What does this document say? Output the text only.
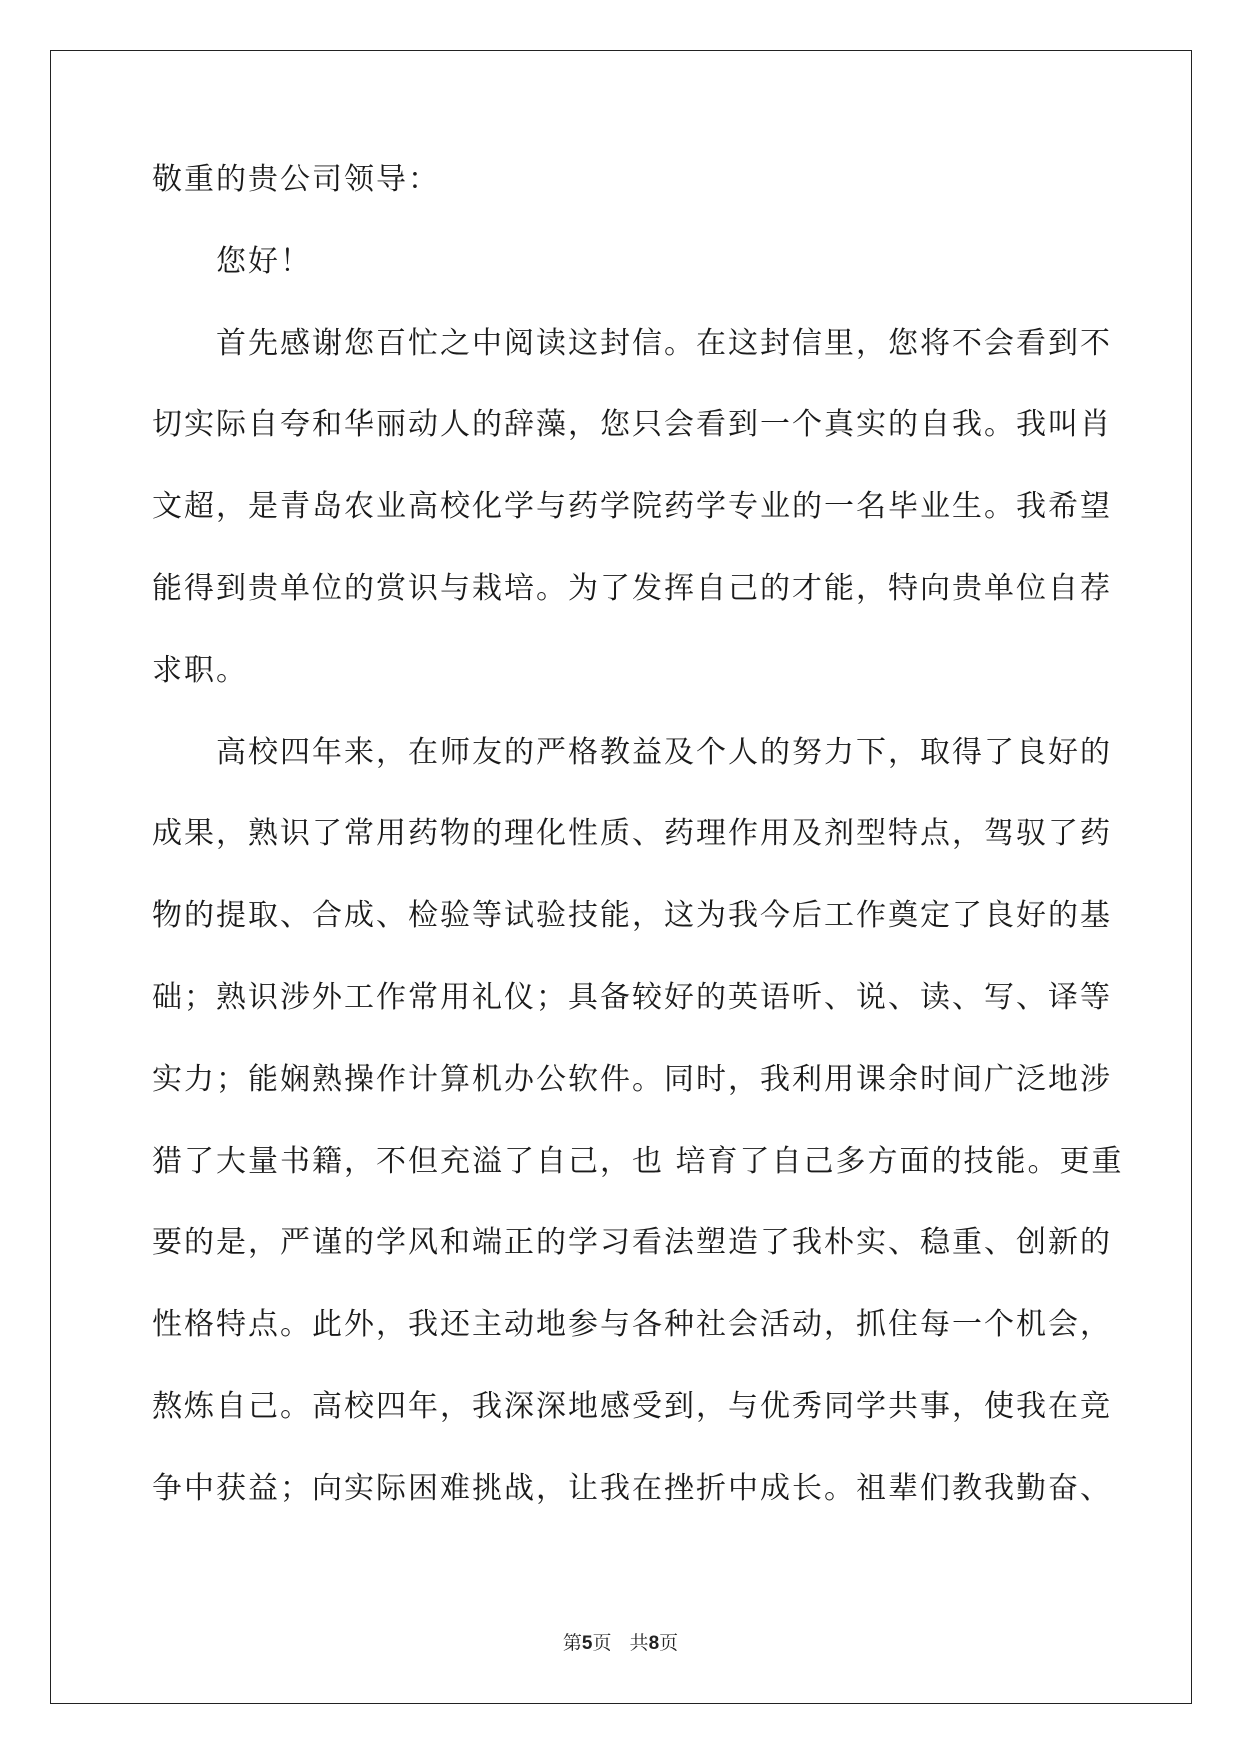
敬重的贵公司领导：
您好！
首先感谢您百忙之中阅读这封信。在这封信里，您将不会看到不
切实际自夸和华丽动人的辞藻，您只会看到一个真实的自我。我叫肖
文超，是青岛农业高校化学与药学院药学专业的一名毕业生。我希望
能得到贵单位的赏识与栽培。为了发挥自己的才能，特向贵单位自荐
求职。
高校四年来，在师友的严格教益及个人的努力下，取得了良好的
成果，熟识了常用药物的理化性质、药理作用及剂型特点，驾驭了药
物的提取、合成、检验等试验技能，这为我今后工作奠定了良好的基
础；熟识涉外工作常用礼仪；具备较好的英语听、说、读、写、译等
实力；能娴熟操作计算机办公软件。同时，我利用课余时间广泛地涉
猎了大量书籍，不但充溢了自己，也 培育了自己多方面的技能。更重
要的是，严谨的学风和端正的学习看法塑造了我朴实、稳重、创新的
性格特点。此外，我还主动地参与各种社会活动，抓住每一个机会，
熬炼自己。高校四年，我深深地感受到，与优秀同学共事，使我在竞
争中获益；向实际困难挑战，让我在挫折中成长。祖辈们教我勤奋、
第5页   共8页
